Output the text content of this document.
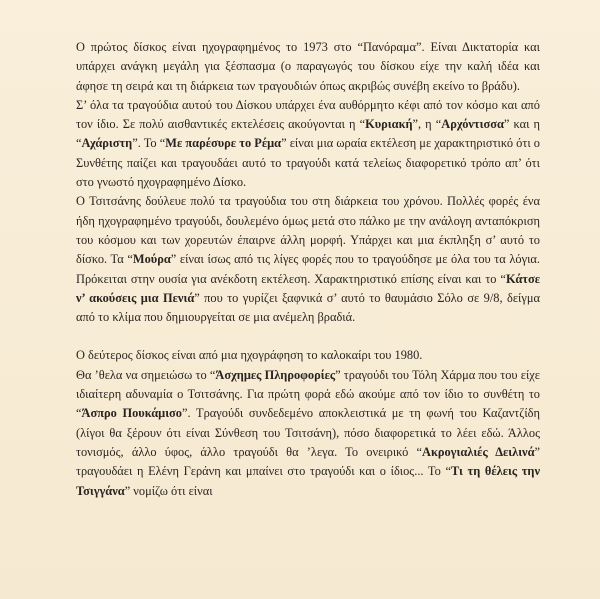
Ο πρώτος δίσκος είναι ηχογραφημένος το 1973 στο “Πανόραμα”. Είναι Δικτατορία και υπάρχει ανάγκη μεγάλη για ξέσπασμα (ο παραγωγός του δίσκου είχε την καλή ιδέα και άφησε τη σειρά και τη διάρκεια των τραγουδιών όπως ακριβώς συνέβη εκείνο το βράδυ).

Σ’ όλα τα τραγούδια αυτού του Δίσκου υπάρχει ένα αυθόρμητο κέφι από τον κόσμο και από τον ίδιο. Σε πολύ αισθαντικές εκτελέσεις ακούγονται η “Κυριακή”, η “Αρχόντισσα” και η “Αχάριστη”. Το “Με παρέσυρε το Ρέμα” είναι μια ωραία εκτέλεση με χαρακτηριστικό ότι ο Συνθέτης παίζει και τραγουδάει αυτό το τραγούδι κατά τελείως διαφορετικό τρόπο απ’ ότι στο γνωστό ηχογραφημένο Δίσκο.

Ο Τσιτσάνης δούλευε πολύ τα τραγούδια του στη διάρκεια του χρόνου. Πολλές φορές ένα ήδη ηχογραφημένο τραγούδι, δουλεμένο όμως μετά στο πάλκο με την ανάλογη ανταπόκριση του κόσμου και των χορευτών έπαιρνε άλλη μορφή. Υπάρχει και μια έκπληξη σ’ αυτό το δίσκο. Τα “Μούρα” είναι ίσως από τις λίγες φορές που το τραγούδησε με όλα του τα λόγια. Πρόκειται στην ουσία για ανέκδοτη εκτέλεση. Χαρακτηριστικό επίσης είναι και το “Κάτσε ν’ ακούσεις μια Πενιά” που το γυρίζει ξαφνικά σ’ αυτό το θαυμάσιο Σόλο σε 9/8, δείγμα από το κλίμα που δημιουργείται σε μια ανέμελη βραδιά.

Ο δεύτερος δίσκος είναι από μια ηχογράφηση το καλοκαίρι του 1980.

Θα ’θελα να σημειώσω το “Άσχημες Πληροφορίες” τραγούδι του Τόλη Χάρμα που του είχε ιδιαίτερη αδυναμία ο Τσιτσάνης. Για πρώτη φορά εδώ ακούμε από τον ίδιο το συνθέτη το “Άσπρο Πουκάμισο”. Τραγούδι συνδεδεμένο αποκλειστικά με τη φωνή του Καζαντζίδη (λίγοι θα ξέρουν ότι είναι Σύνθεση του Τσιτσάνη), πόσο διαφορετικά το λέει εδώ. Άλλος τονισμός, άλλο ύφος, άλλο τραγούδι θα ’λεγα. Το ονειρικό “Ακρογιαλιές Δειλινά” τραγουδάει η Ελένη Γεράνη και μπαίνει στο τραγούδι και ο ίδιος... Το “Τι τη θέλεις την Τσιγγάνα” νομίζω ότι είναι
